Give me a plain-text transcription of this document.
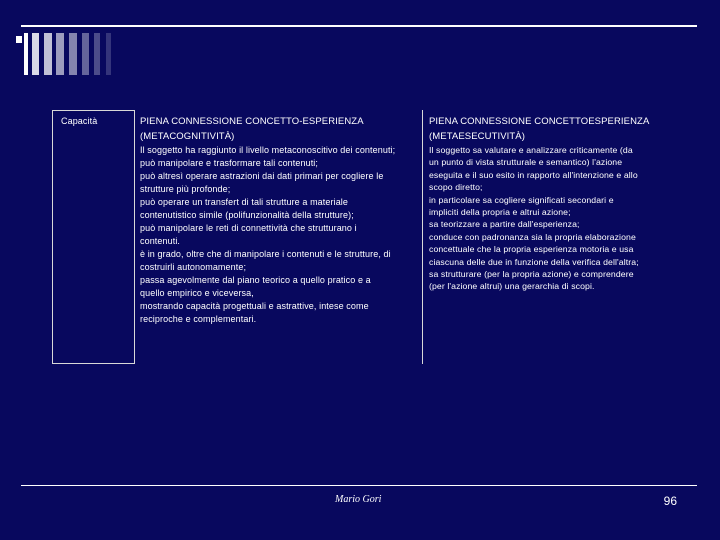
Capacità	PIENA CONNESSIONE CONCETTO-ESPERIENZA

(METACOGNITIVITÀ)

Il soggetto ha raggiunto il livello metaconoscitivo dei contenuti;

può manipolare e trasformare tali contenuti;

può altresì operare astrazioni dai dati primari per cogliere le

strutture più profonde;

può operare un transfert di tali strutture a materiale

contenutistico simile (polifunzionalità della strutture);

può manipolare le reti di connettività che strutturano i

contenuti.

è in grado, oltre che di manipolare i contenuti e le strutture, di

costruirli autonomamente;

passa agevolmente dal piano teorico a quello pratico e a

quello empirico e viceversa,

mostrando capacità progettuali e astrattive, intese come

reciproche e complementari.

PIENA CONNESSIONE CONCETTOESPERIENZA

(METAESECUTIVITÀ)

Il soggetto sa valutare e analizzare criticamente (da

un punto di vista strutturale e semantico) l'azione

eseguita e il suo esito in rapporto all'intenzione e allo

scopo diretto;

in particolare sa cogliere significati secondari e

impliciti della propria e altrui azione;

sa teorizzare a partire dall'esperienza;

conduce con padronanza sia la propria elaborazione

concettuale che la propria esperienza motoria e usa

ciascuna delle due in funzione della verifica dell'altra;

sa strutturare (per la propria azione) e comprendere

(per l'azione altrui) una gerarchia di scopi.

Mario Gori	96
